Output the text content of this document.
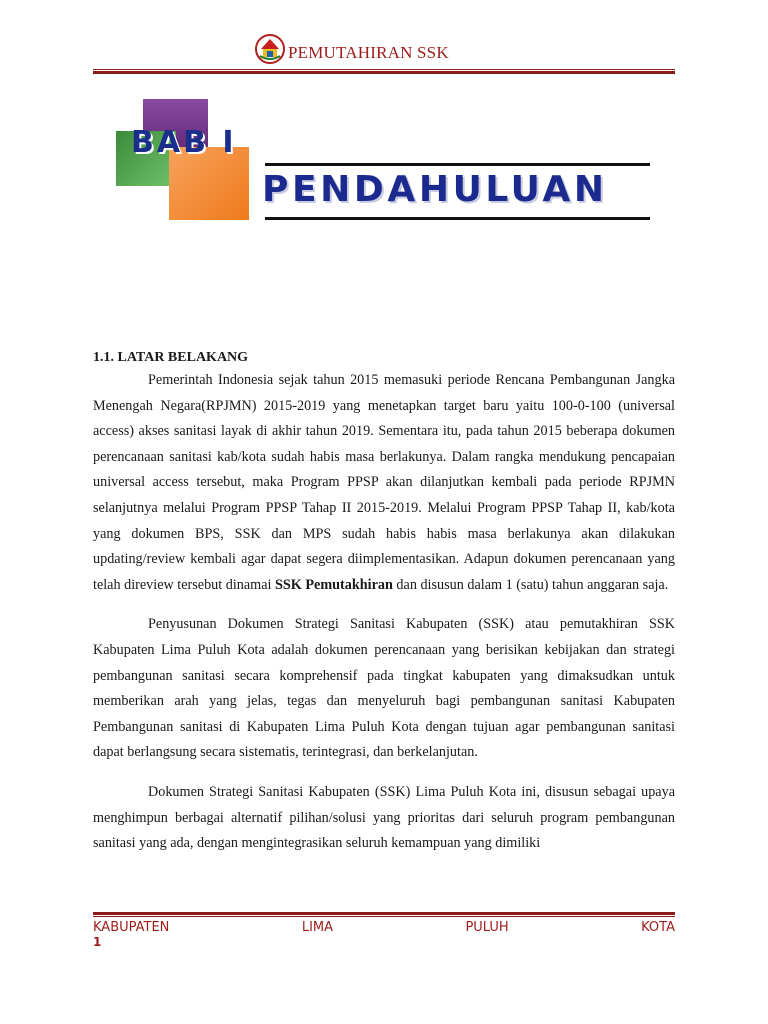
PEMUTAHIRAN SSK
BAB I
PENDAHULUAN
1.1. LATAR BELAKANG

Pemerintah Indonesia sejak tahun 2015 memasuki periode Rencana Pembangunan Jangka Menengah Negara(RPJMN) 2015-2019 yang menetapkan target baru yaitu 100-0-100 (universal access) akses sanitasi layak di akhir tahun 2019. Sementara itu, pada tahun 2015 beberapa dokumen perencanaan sanitasi kab/kota sudah habis masa berlakunya. Dalam rangka mendukung pencapaian universal access tersebut, maka Program PPSP akan dilanjutkan kembali pada periode RPJMN selanjutnya melalui Program PPSP Tahap II 2015-2019. Melalui Program PPSP Tahap II, kab/kota yang dokumen BPS, SSK dan MPS sudah habis habis masa berlakunya akan dilakukan updating/review kembali agar dapat segera diimplementasikan. Adapun dokumen perencanaan yang telah direview tersebut dinamai SSK Pemutakhiran dan disusun dalam 1 (satu) tahun anggaran saja.

Penyusunan Dokumen Strategi Sanitasi Kabupaten (SSK) atau pemutakhiran SSK Kabupaten Lima Puluh Kota adalah dokumen perencanaan yang berisikan kebijakan dan strategi pembangunan sanitasi secara komprehensif pada tingkat kabupaten yang dimaksudkan untuk memberikan arah yang jelas, tegas dan menyeluruh bagi pembangunan sanitasi Kabupaten Pembangunan sanitasi di Kabupaten Lima Puluh Kota dengan tujuan agar pembangunan sanitasi dapat berlangsung secara sistematis, terintegrasi, dan berkelanjutan.

Dokumen Strategi Sanitasi Kabupaten (SSK) Lima Puluh Kota ini, disusun sebagai upaya menghimpun berbagai alternatif pilihan/solusi yang prioritas dari seluruh program pembangunan sanitasi yang ada, dengan mengintegrasikan seluruh kemampuan yang dimiliki

KABUPATEN	LIMA	PULUH	KOTA
1
